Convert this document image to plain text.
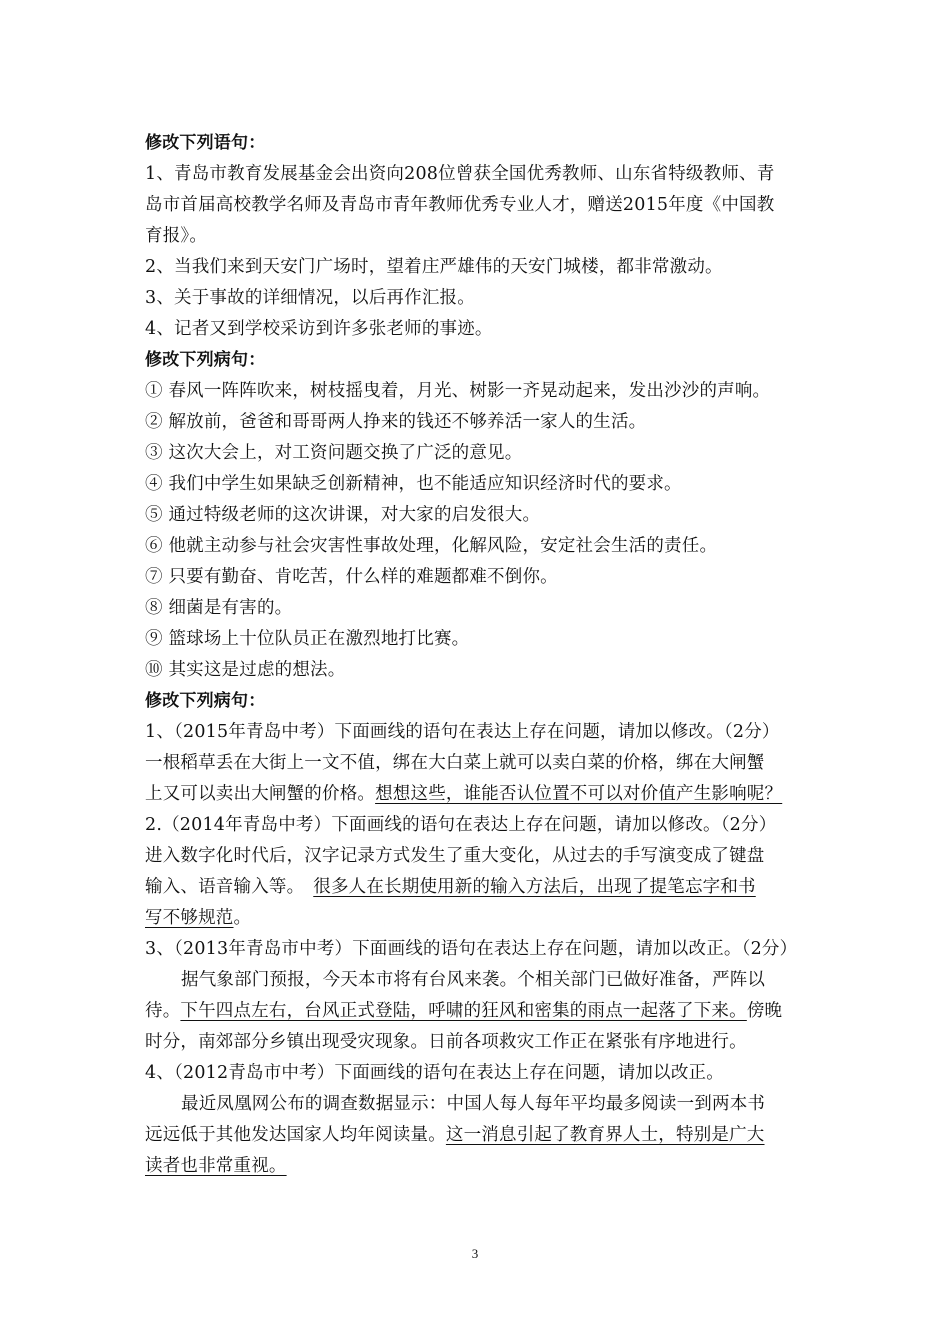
修改下列语句：
1、青岛市教育发展基金会出资向208位曾获全国优秀教师、山东省特级教师、青
岛市首届高校教学名师及青岛市青年教师优秀专业人才，赠送2015年度《中国教
育报》。
2、当我们来到天安门广场时，望着庄严雄伟的天安门城楼，都非常激动。
3、关于事故的详细情况，以后再作汇报。
4、记者又到学校采访到许多张老师的事迹。
修改下列病句：
① 春风一阵阵吹来，树枝摇曳着，月光、树影一齐晃动起来，发出沙沙的声响。
② 解放前，爸爸和哥哥两人挣来的钱还不够养活一家人的生活。
③ 这次大会上，对工资问题交换了广泛的意见。
④ 我们中学生如果缺乏创新精神，也不能适应知识经济时代的要求。
⑤ 通过特级老师的这次讲课，对大家的启发很大。
⑥ 他就主动参与社会灾害性事故处理，化解风险，安定社会生活的责任。
⑦ 只要有勤奋、肯吃苦，什么样的难题都难不倒你。
⑧ 细菌是有害的。
⑨ 篮球场上十位队员正在激烈地打比赛。
⑩ 其实这是过虑的想法。
修改下列病句：
1、（2015年青岛中考）下面画线的语句在表达上存在问题，请加以修改。（2分）
一根稻草丢在大街上一文不值，绑在大白菜上就可以卖白菜的价格，绑在大闸蟹
上又可以卖出大闸蟹的价格。想想这些，谁能否认位置不可以对价值产生影响呢？
2.（2014年青岛中考）下面画线的语句在表达上存在问题，请加以修改。（2分）
进入数字化时代后，汉字记录方式发生了重大变化，从过去的手写演变成了键盘
输入、语音输入等。　很多人在长期使用新的输入方法后，出现了提笔忘字和书
写不够规范。
3、（2013年青岛市中考）下面画线的语句在表达上存在问题，请加以改正。（2分）
据气象部门预报，今天本市将有台风来袭。个相关部门已做好准备，严阵以
待。下午四点左右，台风正式登陆，呼啸的狂风和密集的雨点一起落了下来。傍晚
时分，南郊部分乡镇出现受灾现象。日前各项救灾工作正在紧张有序地进行。
4、（2012青岛市中考）下面画线的语句在表达上存在问题，请加以改正。
最近凤凰网公布的调查数据显示：中国人每人每年平均最多阅读一到两本书
远远低于其他发达国家人均年阅读量。这一消息引起了教育界人士，特别是广大
读者也非常重视。
3
